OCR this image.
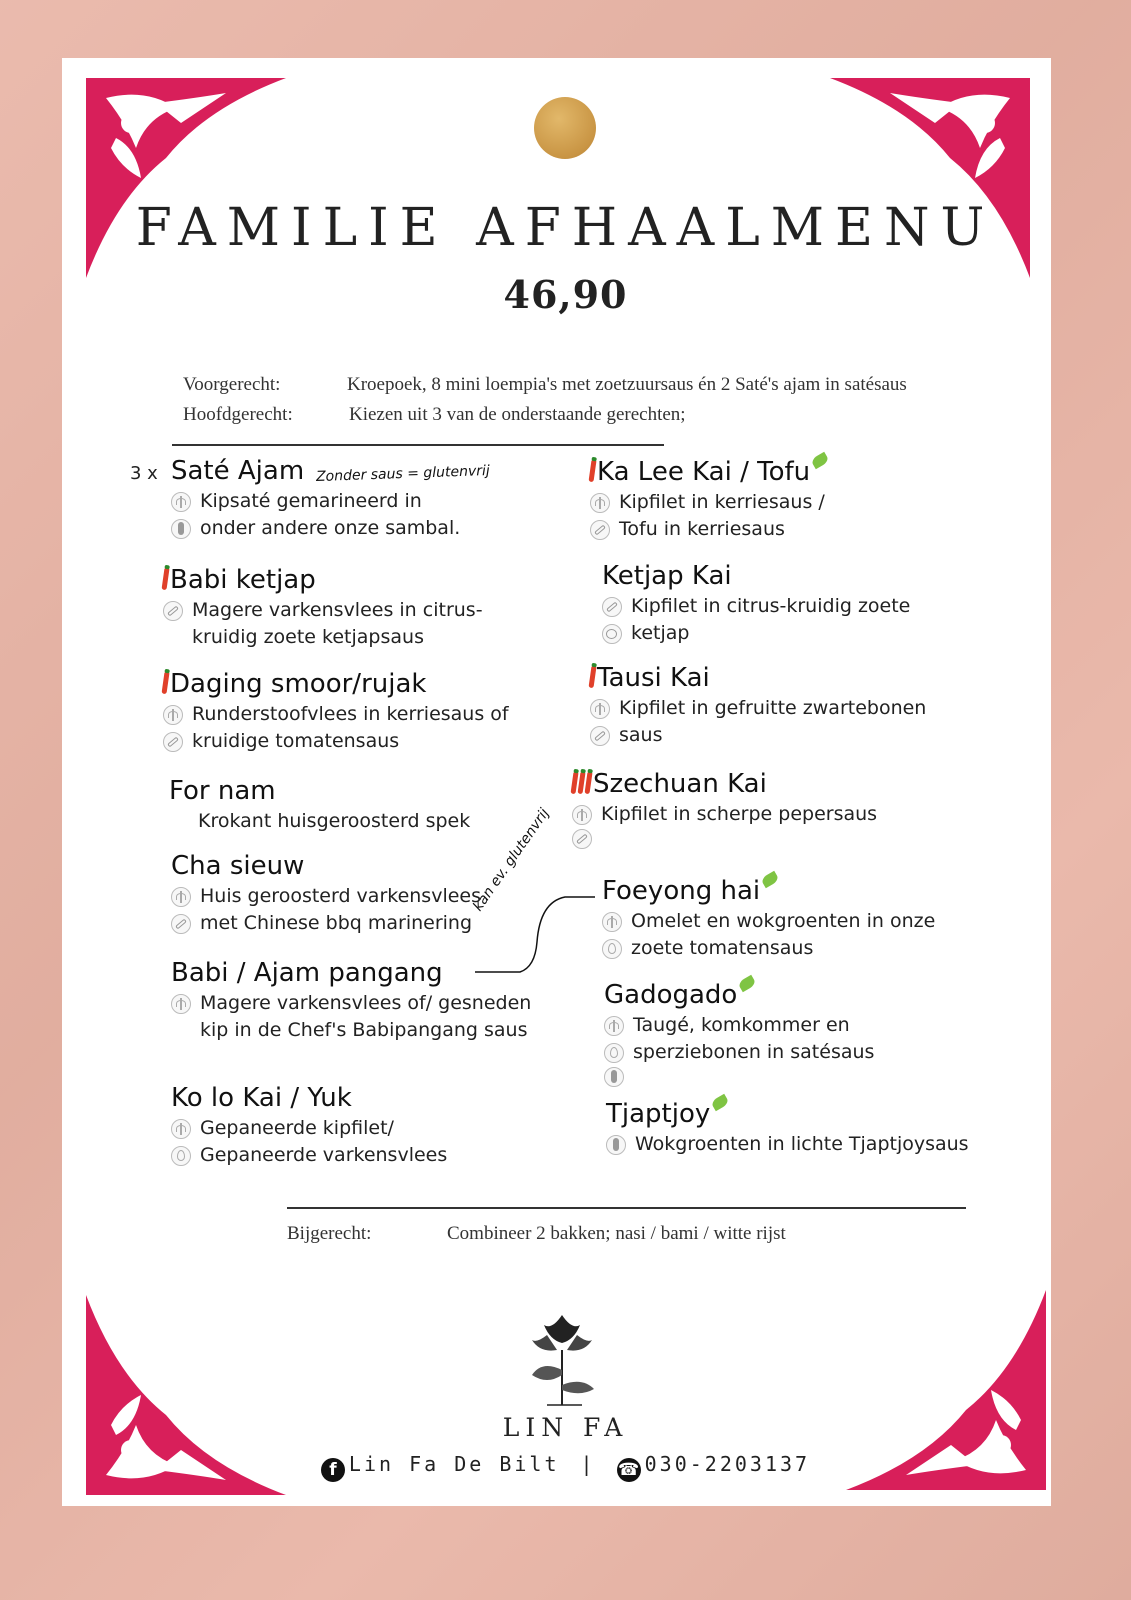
FAMILIE AFHAALMENU
46,90
Voorgerecht:	Kroepoek, 8 mini loempia's met zoetzuursaus én 2 Saté's ajam in satésaus
Hoofdgerecht:	Kiezen uit 3 van de onderstaande gerechten;
3 x	Zonder saus = glutenvrij
kan ev. glutenvrij
Bijgerecht:	Combineer 2 bakken; nasi / bami / witte rijst
LIN FA
f Lin Fa De Bilt | ☎ 030-2203137
Saté Ajam
Kipsaté gemarineerd in
onder andere onze sambal.
Babi ketjap
Magere varkensvlees in citrus-
kruidig zoete ketjapsaus
Daging smoor/rujak
Runderstoofvlees in kerriesaus of
kruidige tomatensaus
For nam
Krokant huisgeroosterd spek
Cha sieuw
Huis geroosterd varkensvlees
met Chinese bbq marinering
Babi / Ajam pangang
Magere varkensvlees of/ gesneden
kip in de Chef's Babipangang saus
Ko lo Kai / Yuk
Gepaneerde kipfilet/
Gepaneerde varkensvlees
Ka Lee Kai / Tofu
Kipfilet in kerriesaus /
Tofu in kerriesaus
Ketjap Kai
Kipfilet in citrus-kruidig zoete
ketjap
Tausi Kai
Kipfilet in gefruitte zwartebonen
saus
Szechuan Kai
Kipfilet in scherpe pepersaus
Foeyong hai
Omelet en wokgroenten in onze
zoete tomatensaus
Gadogado
Taugé, komkommer en
sperziebonen in satésaus
Tjaptjoy
Wokgroenten in lichte Tjaptjoysaus
